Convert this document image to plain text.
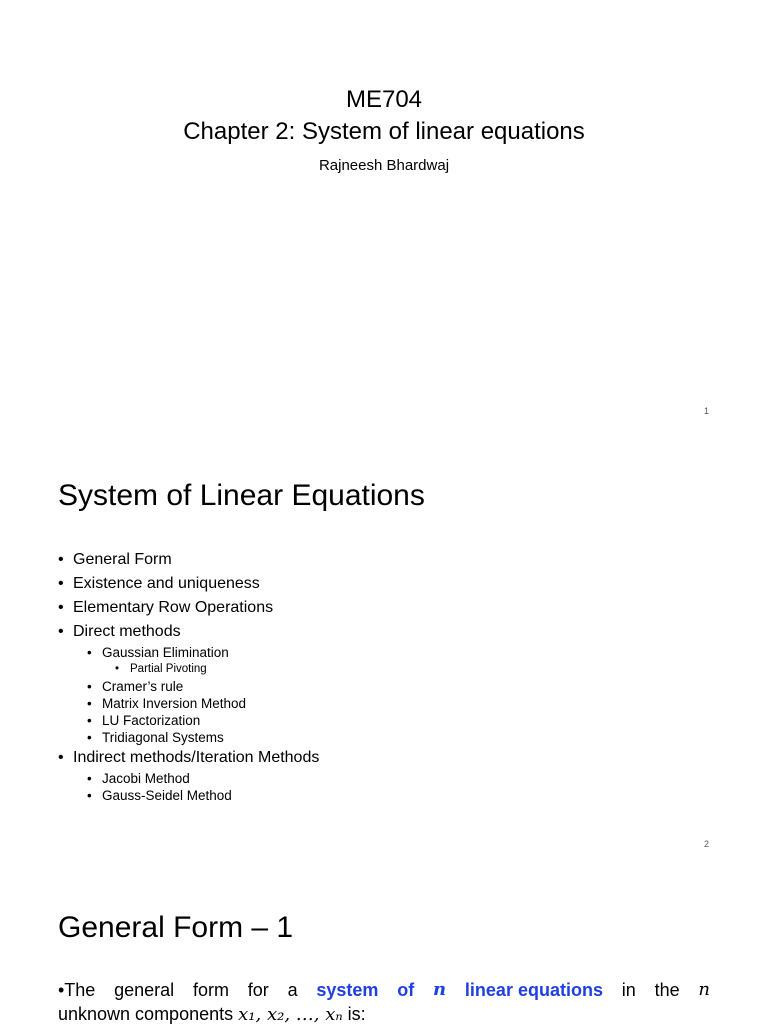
ME704
Chapter 2: System of linear equations
Rajneesh Bhardwaj
1
System of Linear Equations
• General Form
• Existence and uniqueness
• Elementary Row Operations
• Direct methods
• Gaussian Elimination
• Partial Pivoting
• Cramer’s rule
• Matrix Inversion Method
• LU Factorization
• Tridiagonal Systems
• Indirect methods/Iteration Methods
• Jacobi Method
• Gauss-Seidel Method
2
General Form – 1
•The general form for a system of n linear equations in the n
unknown components x₁, x₂, …, xₙ is:
